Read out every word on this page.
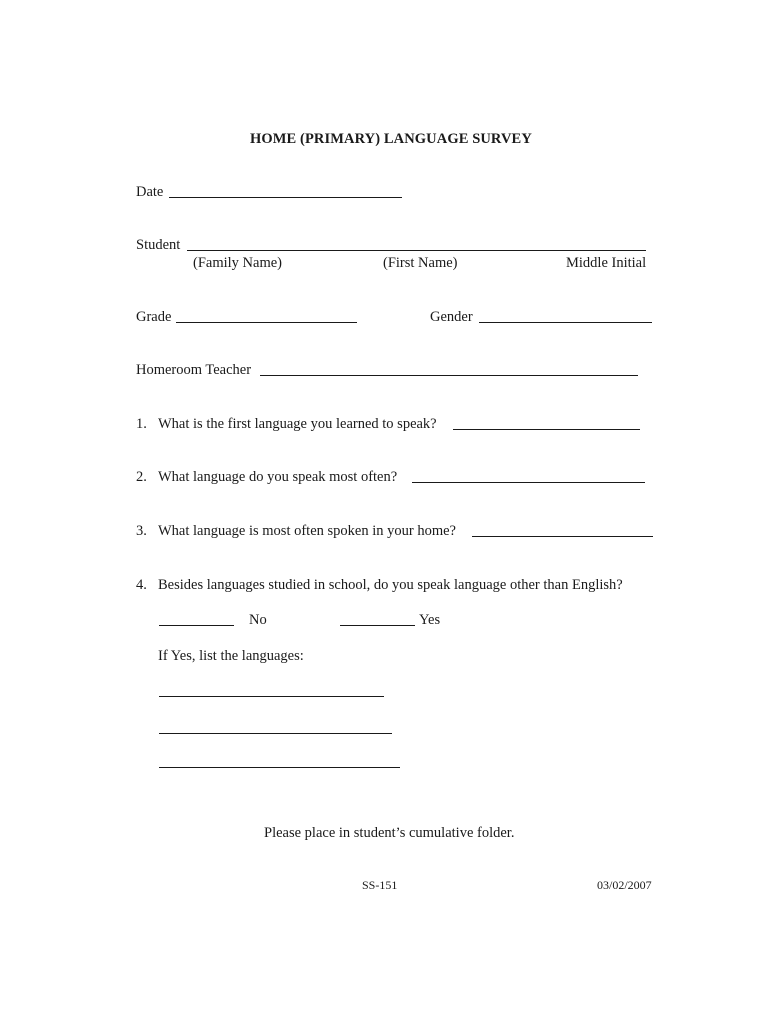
HOME (PRIMARY) LANGUAGE SURVEY
Date
Student
(Family Name)	(First Name)	Middle Initial
Grade	Gender
Homeroom Teacher
1. What is the first language you learned to speak?
2. What language do you speak most often?
3. What language is most often spoken in your home?
4. Besides languages studied in school, do you speak language other than English?
No	Yes
If Yes, list the languages:
Please place in student’s cumulative folder.
SS-151	03/02/2007
